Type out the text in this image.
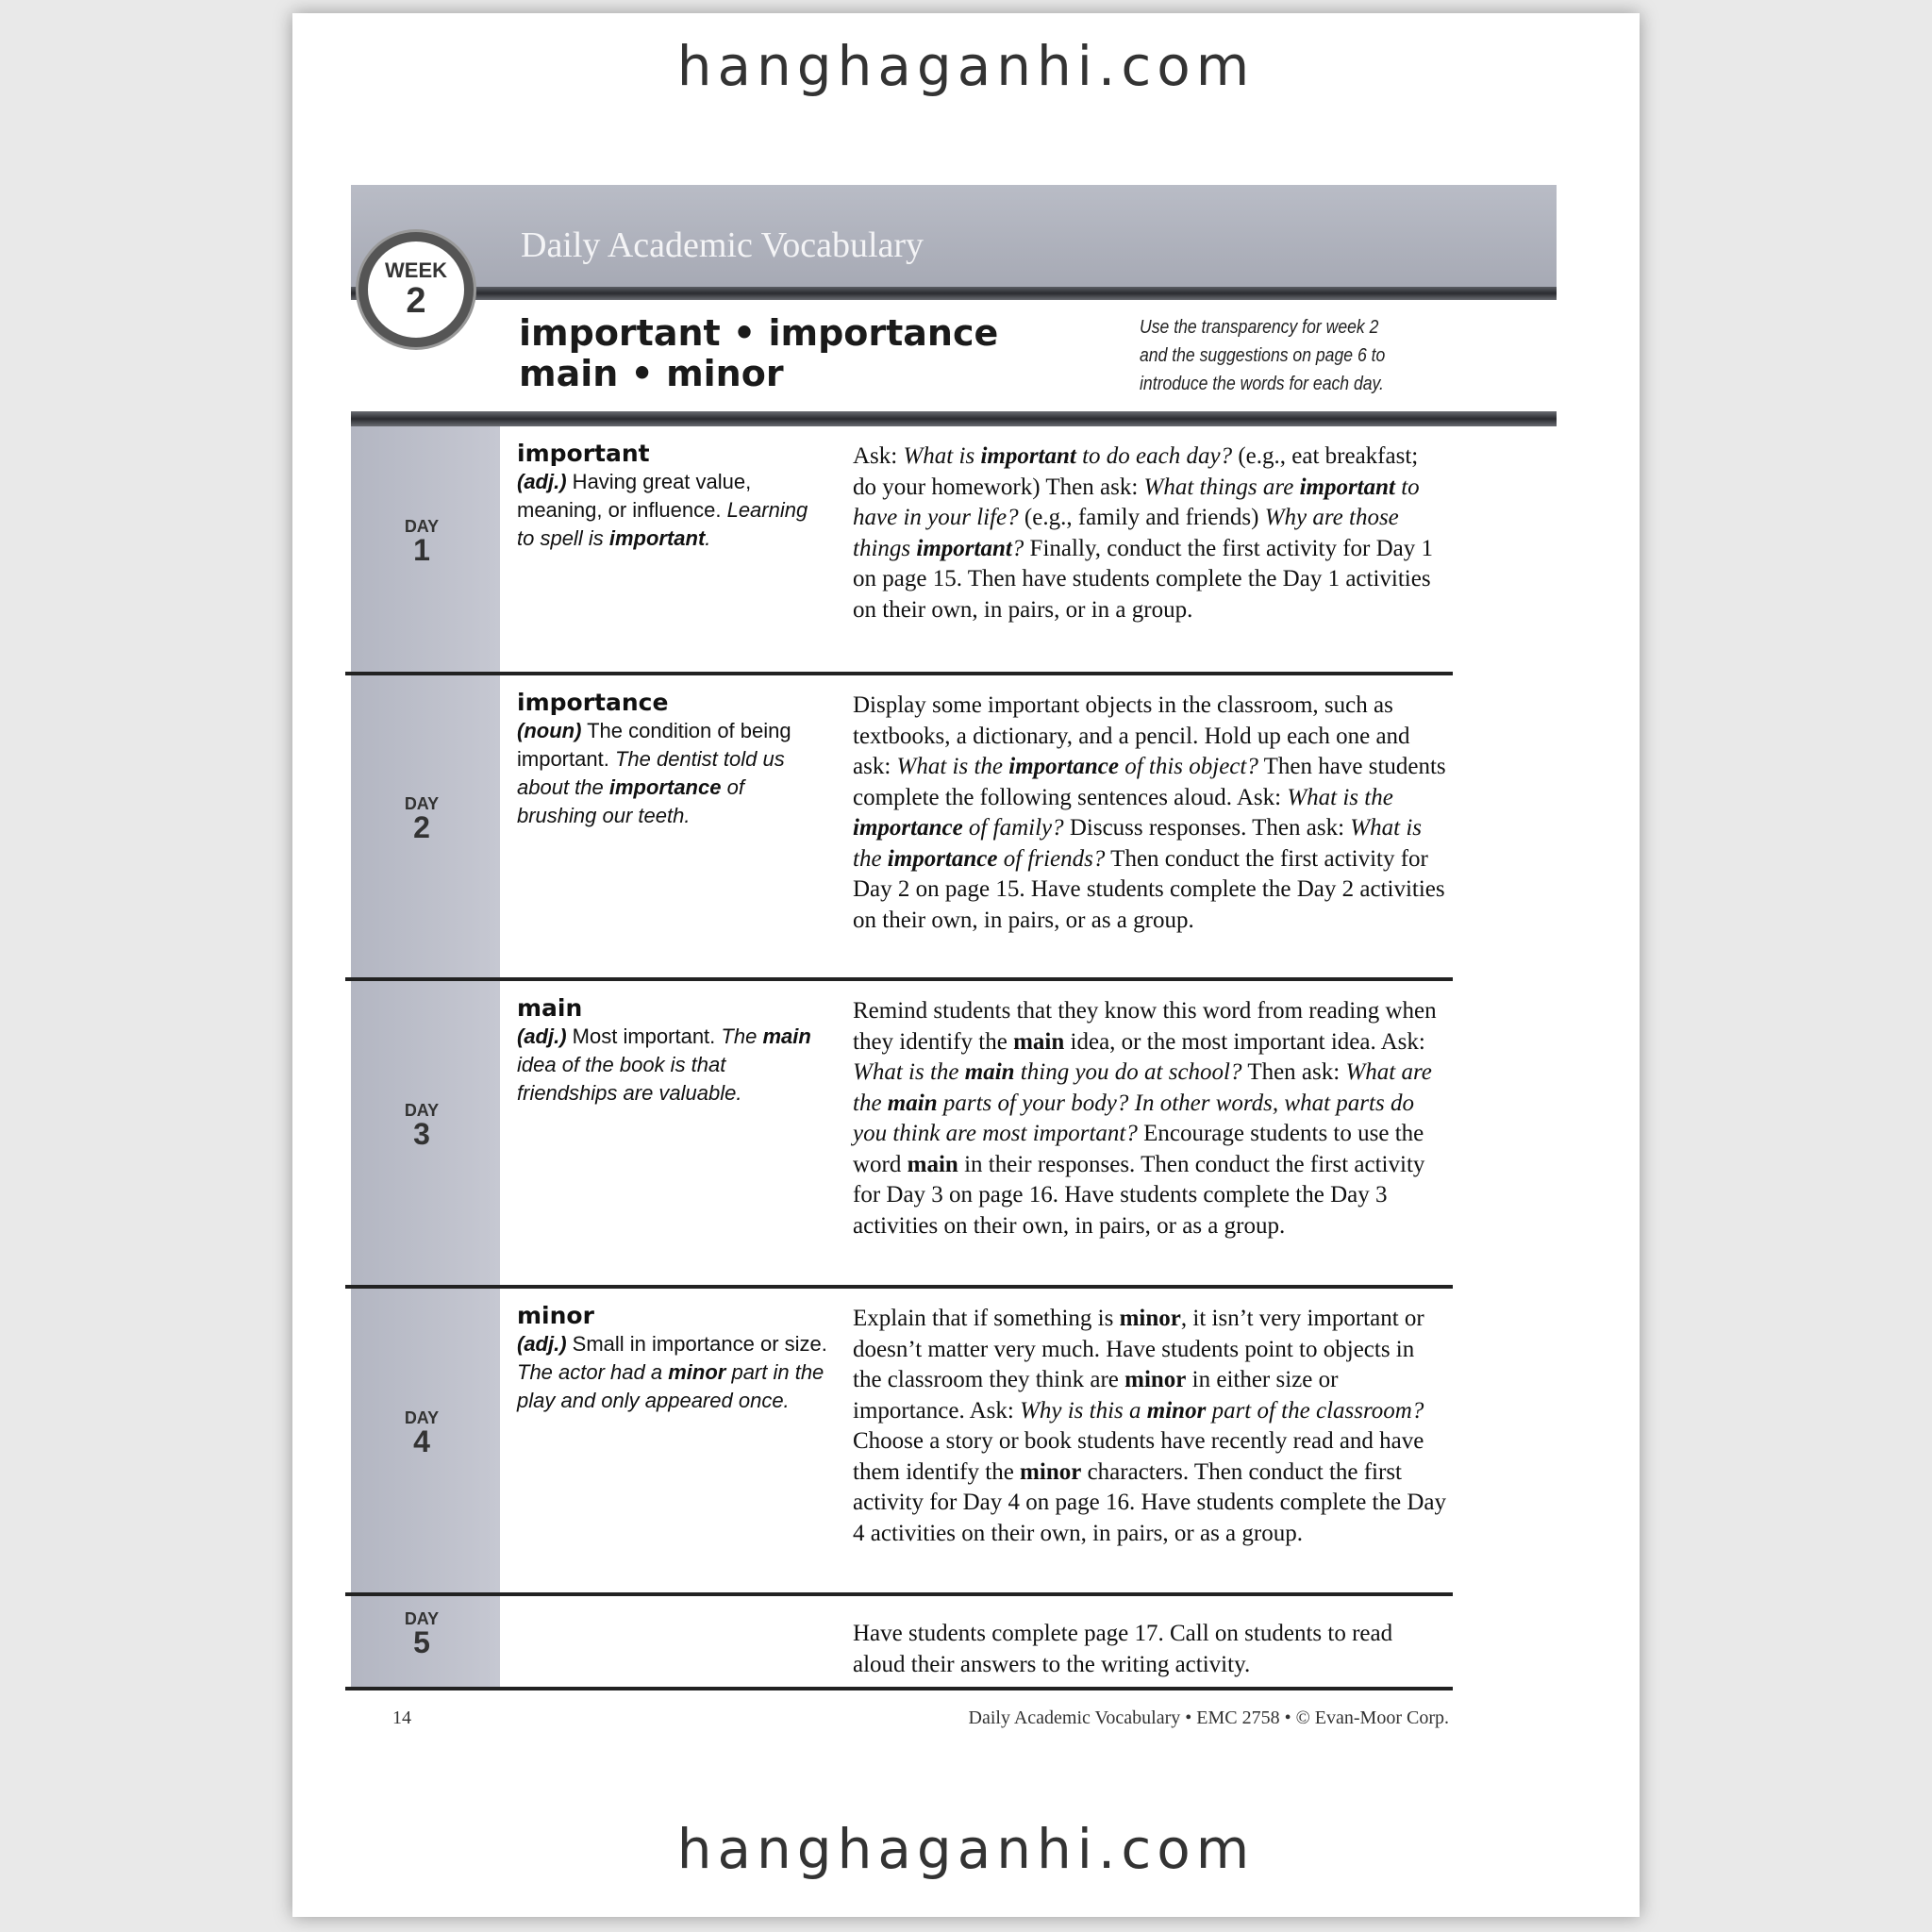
hanghaganhi.com
hanghaganhi.com
Daily Academic Vocabulary
WEEK
2
important • importance
main • minor
Use the transparency for week 2
and the suggestions on page 6 to
introduce the words for each day.
DAY
1
important
(adj.) Having great value, meaning, or influence. Learning to spell is important.
Ask: What is important to do each day? (e.g., eat breakfast; do your homework) Then ask: What things are important to have in your life? (e.g., family and friends) Why are those things important? Finally, conduct the first activity for Day 1 on page 15. Then have students complete the Day 1 activities on their own, in pairs, or in a group.
DAY
2
importance
(noun) The condition of being important. The dentist told us about the importance of brushing our teeth.
Display some important objects in the classroom, such as textbooks, a dictionary, and a pencil. Hold up each one and ask: What is the importance of this object? Then have students complete the following sentences aloud. Ask: What is the importance of family? Discuss responses. Then ask: What is the importance of friends? Then conduct the first activity for Day 2 on page 15. Have students complete the Day 2 activities on their own, in pairs, or as a group.
DAY
3
main
(adj.) Most important. The main idea of the book is that friendships are valuable.
Remind students that they know this word from reading when they identify the main idea, or the most important idea. Ask: What is the main thing you do at school? Then ask: What are the main parts of your body? In other words, what parts do you think are most important? Encourage students to use the word main in their responses. Then conduct the first activity for Day 3 on page 16. Have students complete the Day 3 activities on their own, in pairs, or as a group.
DAY
4
minor
(adj.) Small in importance or size. The actor had a minor part in the play and only appeared once.
Explain that if something is minor, it isn’t very important or doesn’t matter very much. Have students point to objects in the classroom they think are minor in either size or importance. Ask: Why is this a minor part of the classroom? Choose a story or book students have recently read and have them identify the minor characters. Then conduct the first activity for Day 4 on page 16. Have students complete the Day 4 activities on their own, in pairs, or as a group.
DAY
5	Have students complete page 17. Call on students to read aloud their answers to the writing activity.
14	Daily Academic Vocabulary • EMC 2758 • © Evan-Moor Corp.
